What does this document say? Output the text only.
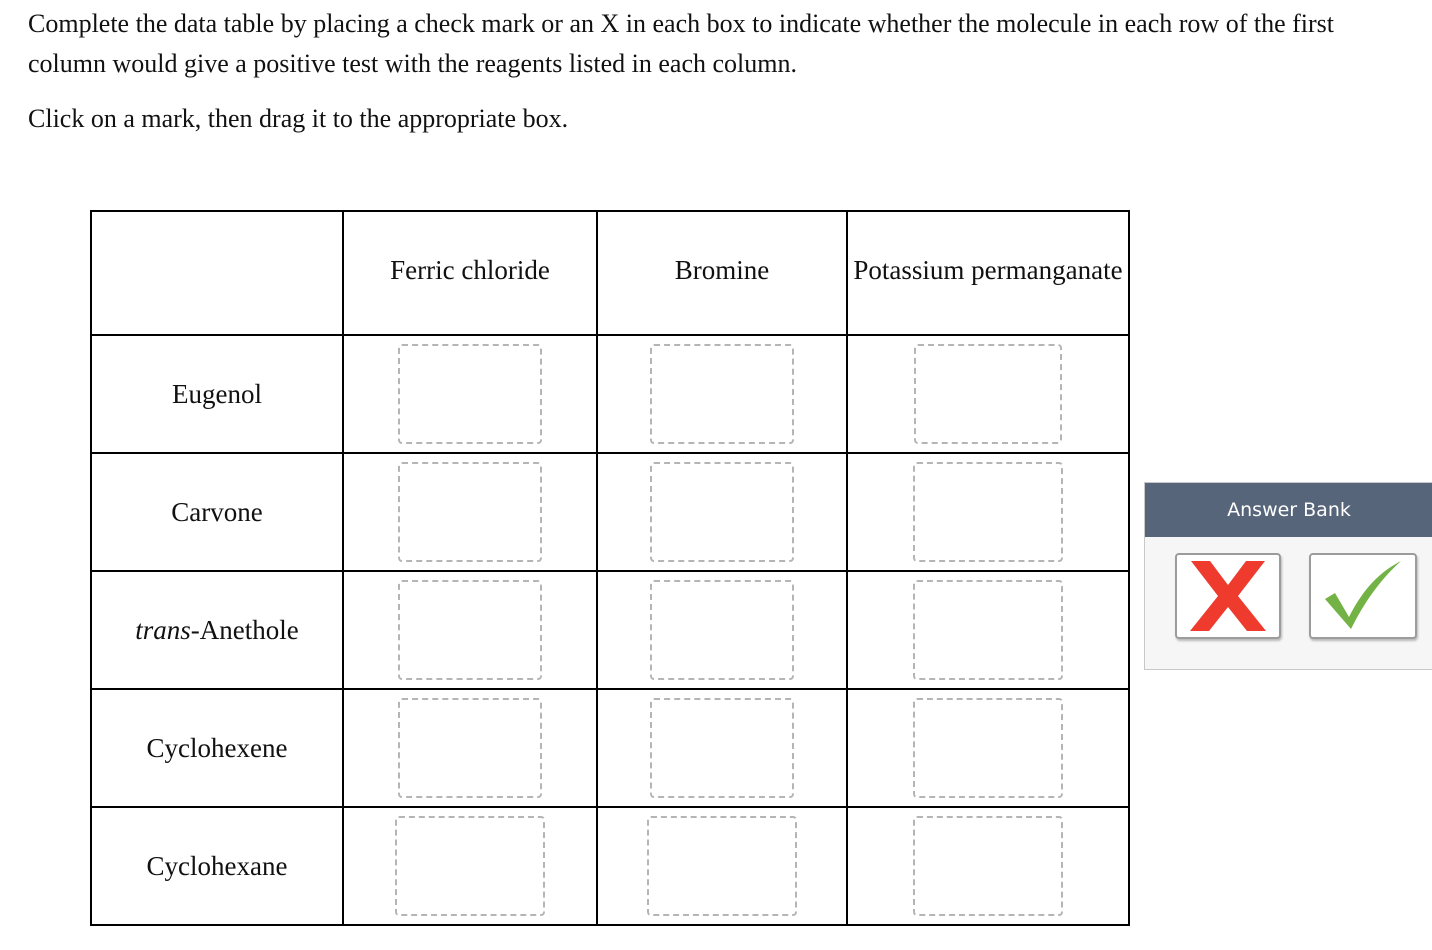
Complete the data table by placing a check mark or an X in each box to indicate whether the molecule in each row of the first column would give a positive test with the reagents listed in each column.

Click on a mark, then drag it to the appropriate box.

	Ferric chloride	Bromine	Potassium permanganate
Eugenol	

Carvone	

trans-Anethole	

Cyclohexene	

Cyclohexane	

Answer Bank
